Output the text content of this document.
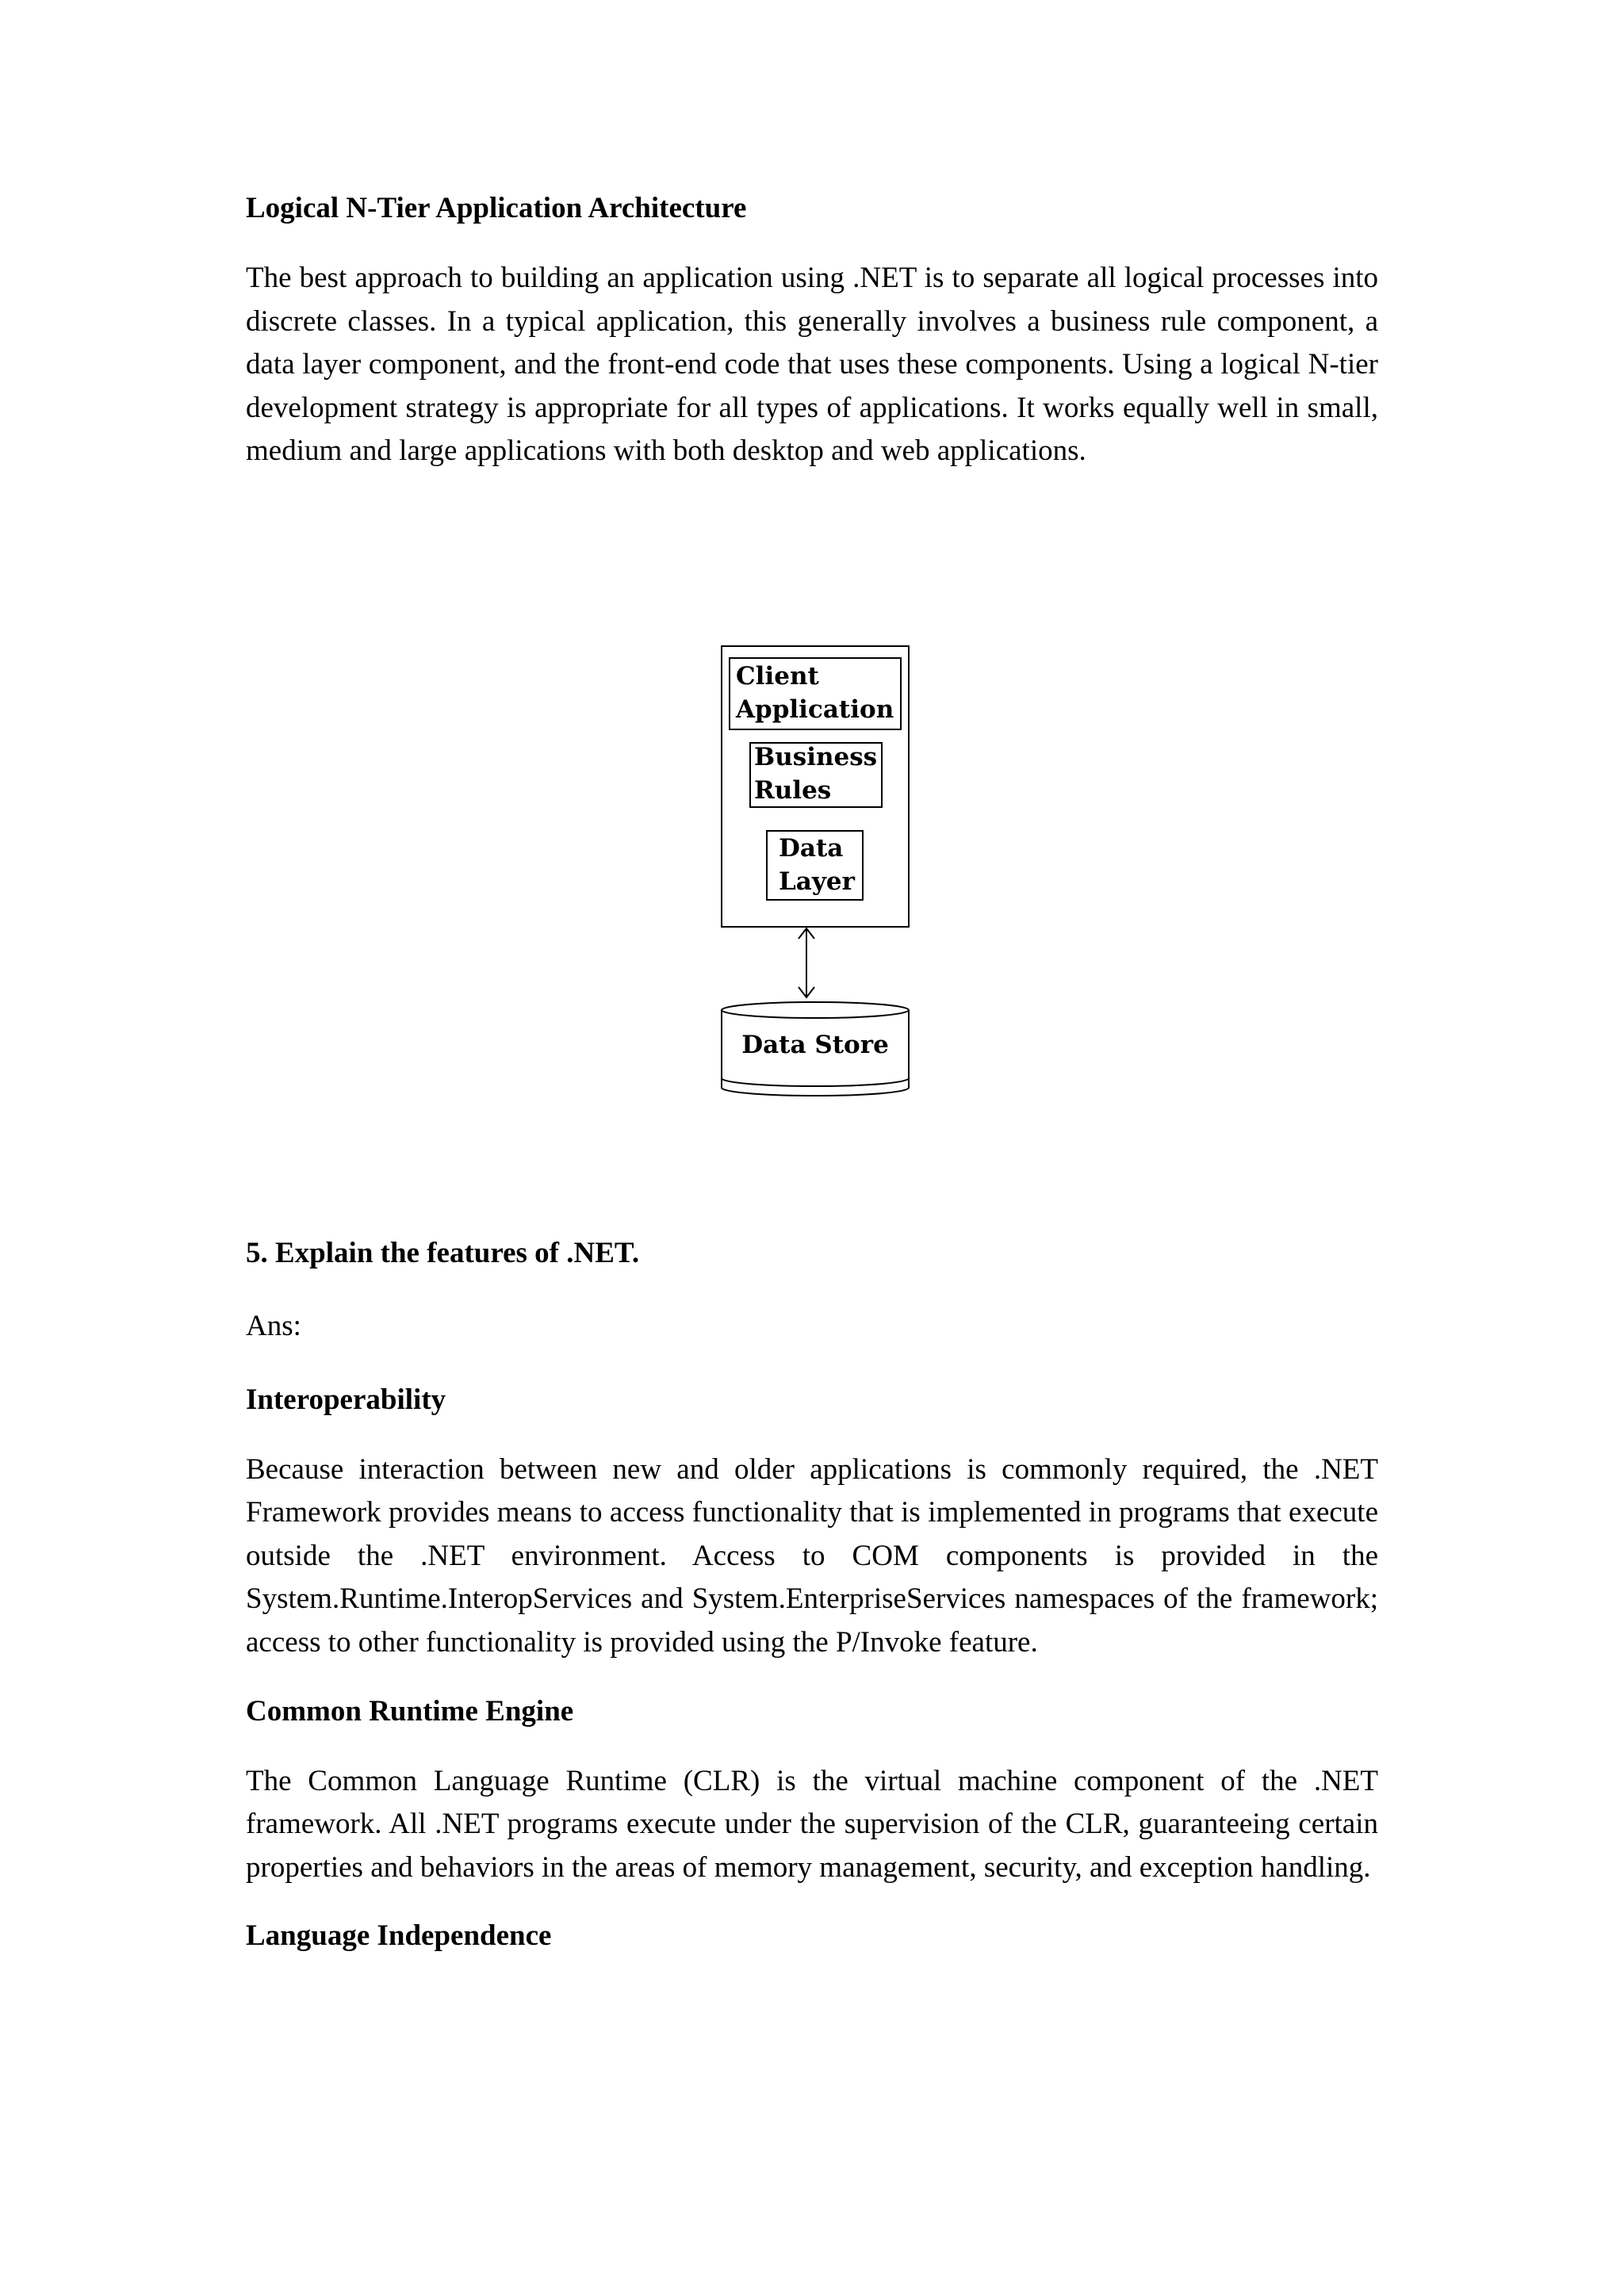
Logical N-Tier Application Architecture

The best approach to building an application using .NET is to separate all logical processes into discrete classes. In a typical application, this generally involves a business rule component, a data layer component, and the front-end code that uses these components. Using a logical N-tier development strategy is appropriate for all types of applications. It works equally well in small, medium and large applications with both desktop and web applications.

Client
Application
Business
Rules
Data
Layer
Data Store

5. Explain the features of .NET.

Ans:

Interoperability

Because interaction between new and older applications is commonly required, the .NET Framework provides means to access functionality that is implemented in programs that execute outside the .NET environment. Access to COM components is provided in the System.Runtime.InteropServices and System.EnterpriseServices namespaces of the framework; access to other functionality is provided using the P/Invoke feature.

Common Runtime Engine

The Common Language Runtime (CLR) is the virtual machine component of the .NET framework. All .NET programs execute under the supervision of the CLR, guaranteeing certain properties and behaviors in the areas of memory management, security, and exception handling.

Language Independence
